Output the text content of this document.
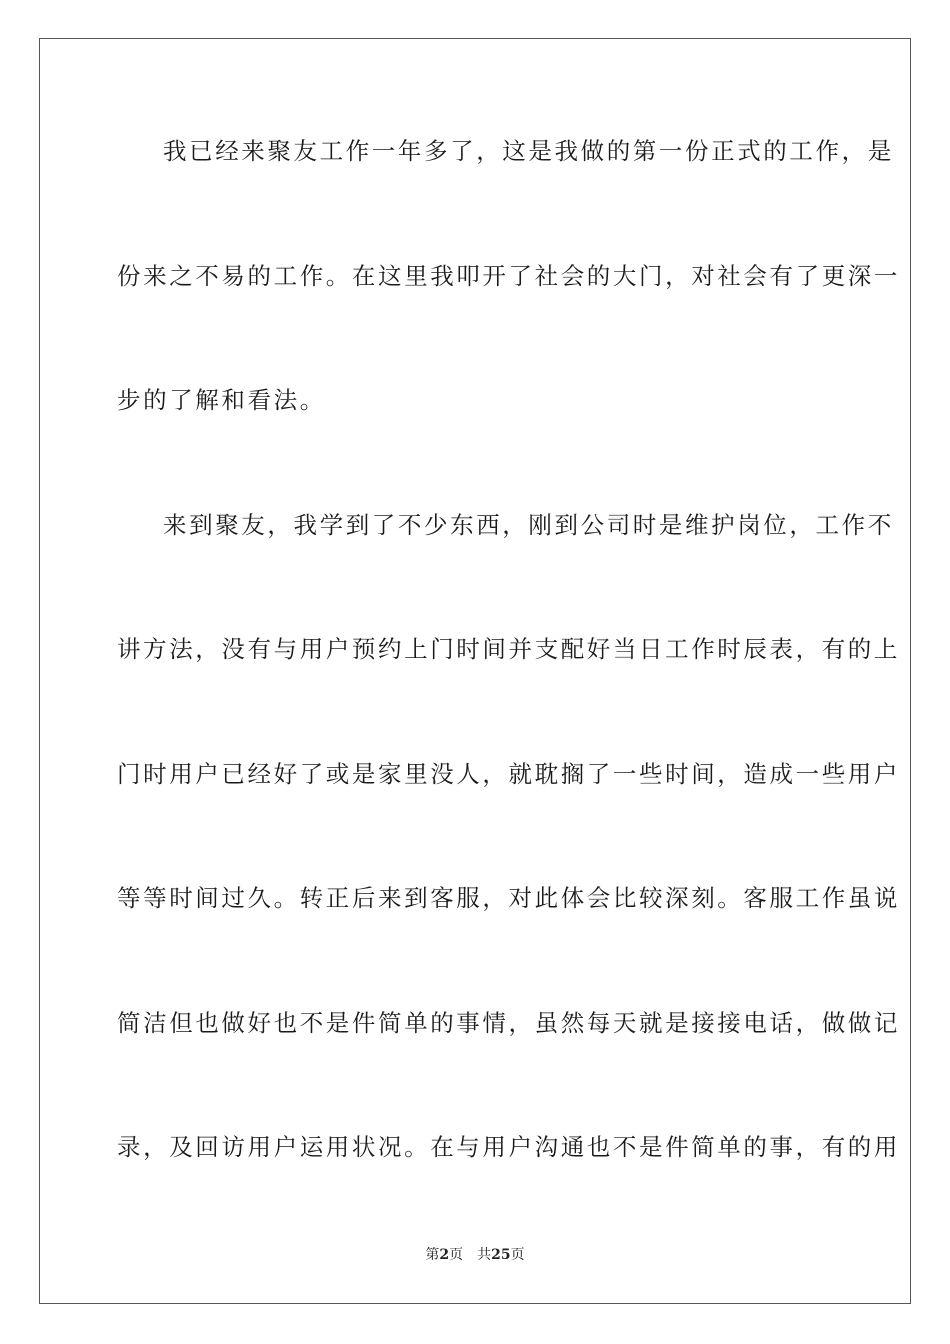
我已经来聚友工作一年多了，这是我做的第一份正式的工作，是
份来之不易的工作。在这里我叩开了社会的大门，对社会有了更深一
步的了解和看法。
来到聚友，我学到了不少东西，刚到公司时是维护岗位，工作不
讲方法，没有与用户预约上门时间并支配好当日工作时辰表，有的上
门时用户已经好了或是家里没人，就耽搁了一些时间，造成一些用户
等等时间过久。转正后来到客服，对此体会比较深刻。客服工作虽说
简洁但也做好也不是件简单的事情，虽然每天就是接接电话，做做记
录，及回访用户运用状况。在与用户沟通也不是件简单的事，有的用
第2页 共25页
